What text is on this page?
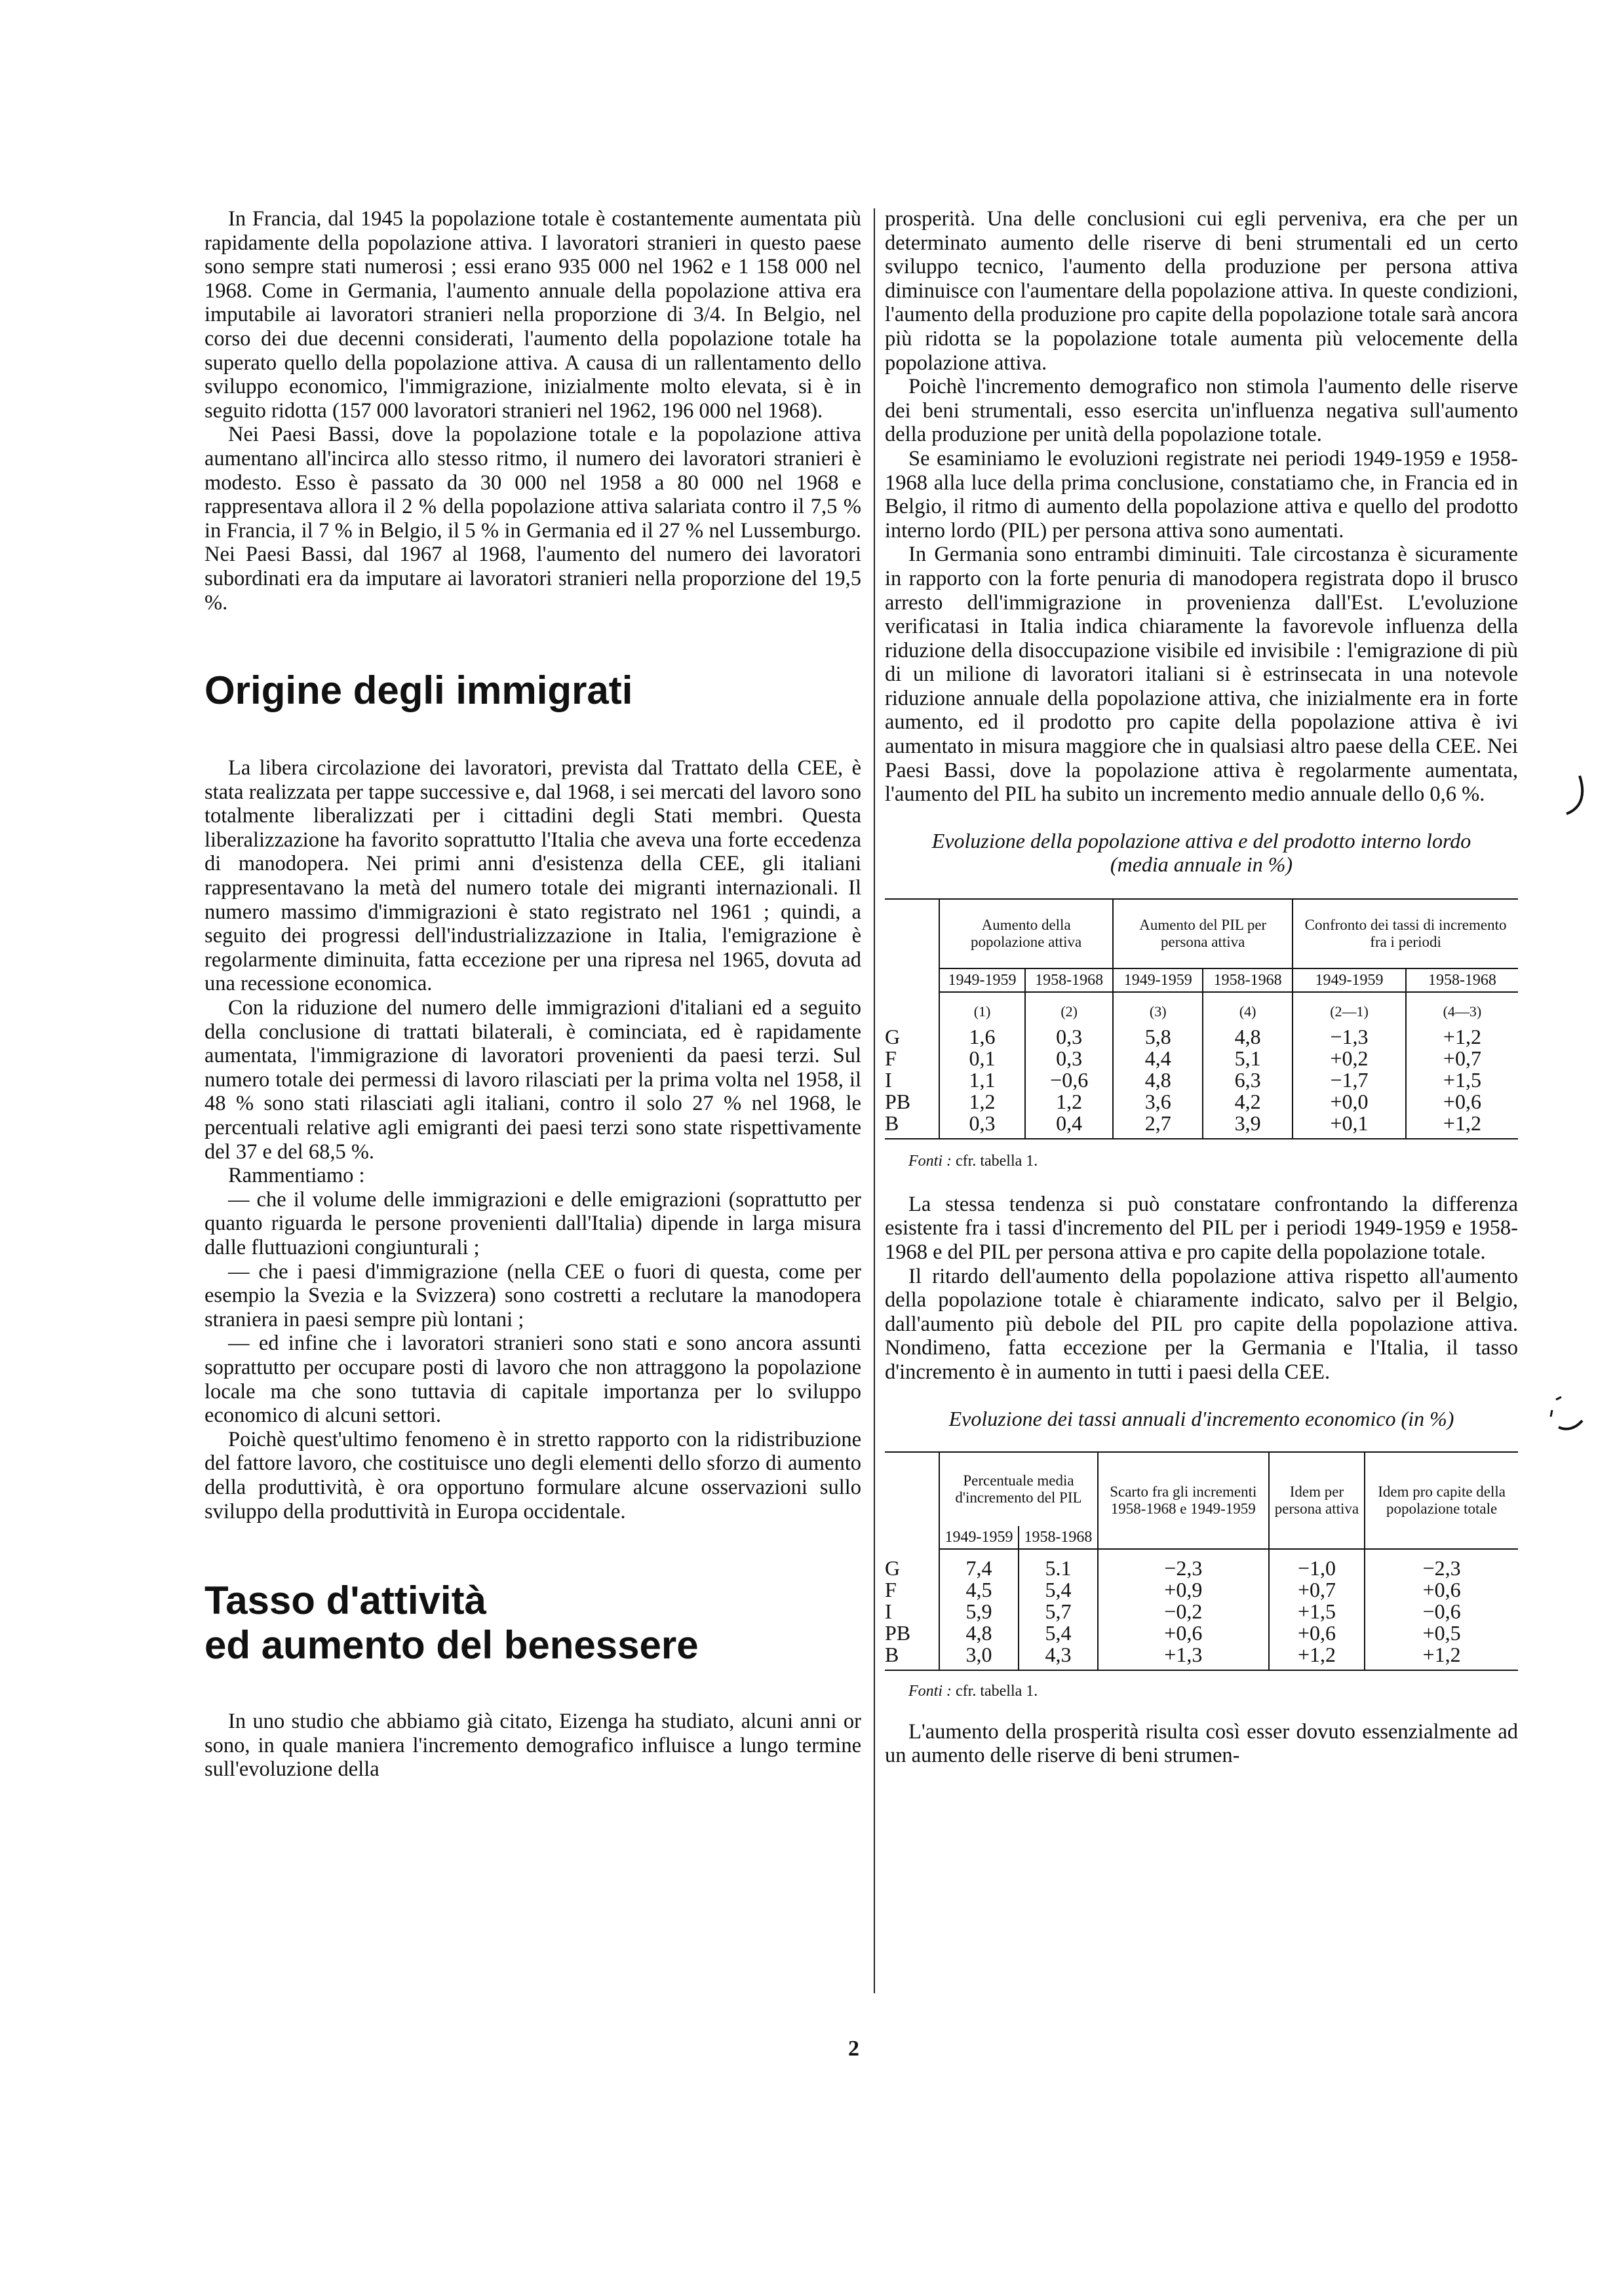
In Francia, dal 1945 la popolazione totale è costantemente aumentata più rapidamente della popolazione attiva. I lavoratori stranieri in questo paese sono sempre stati numerosi ; essi erano 935 000 nel 1962 e 1 158 000 nel 1968. Come in Germania, l'aumento annuale della popolazione attiva era imputabile ai lavoratori stranieri nella proporzione di 3/4. In Belgio, nel corso dei due decenni considerati, l'aumento della popolazione totale ha superato quello della popolazione attiva. A causa di un rallentamento dello sviluppo economico, l'immigrazione, inizialmente molto elevata, si è in seguito ridotta (157 000 lavoratori stranieri nel 1962, 196 000 nel 1968).

Nei Paesi Bassi, dove la popolazione totale e la popolazione attiva aumentano all'incirca allo stesso ritmo, il numero dei lavoratori stranieri è modesto. Esso è passato da 30 000 nel 1958 a 80 000 nel 1968 e rappresentava allora il 2 % della popolazione attiva salariata contro il 7,5 % in Francia, il 7 % in Belgio, il 5 % in Germania ed il 27 % nel Lussemburgo. Nei Paesi Bassi, dal 1967 al 1968, l'aumento del numero dei lavoratori subordinati era da imputare ai lavoratori stranieri nella proporzione del 19,5 %.

Origine degli immigrati

La libera circolazione dei lavoratori, prevista dal Trattato della CEE, è stata realizzata per tappe successive e, dal 1968, i sei mercati del lavoro sono totalmente liberalizzati per i cittadini degli Stati membri. Questa liberalizzazione ha favorito soprattutto l'Italia che aveva una forte eccedenza di manodopera. Nei primi anni d'esistenza della CEE, gli italiani rappresentavano la metà del numero totale dei migranti internazionali. Il numero massimo d'immigrazioni è stato registrato nel 1961 ; quindi, a seguito dei progressi dell'industrializzazione in Italia, l'emigrazione è regolarmente diminuita, fatta eccezione per una ripresa nel 1965, dovuta ad una recessione economica.

Con la riduzione del numero delle immigrazioni d'italiani ed a seguito della conclusione di trattati bilaterali, è cominciata, ed è rapidamente aumentata, l'immigrazione di lavoratori provenienti da paesi terzi. Sul numero totale dei permessi di lavoro rilasciati per la prima volta nel 1958, il 48 % sono stati rilasciati agli italiani, contro il solo 27 % nel 1968, le percentuali relative agli emigranti dei paesi terzi sono state rispettivamente del 37 e del 68,5 %.

Rammentiamo :

— che il volume delle immigrazioni e delle emigrazioni (soprattutto per quanto riguarda le persone provenienti dall'Italia) dipende in larga misura dalle fluttuazioni congiunturali ;

— che i paesi d'immigrazione (nella CEE o fuori di questa, come per esempio la Svezia e la Svizzera) sono costretti a reclutare la manodopera straniera in paesi sempre più lontani ;

— ed infine che i lavoratori stranieri sono stati e sono ancora assunti soprattutto per occupare posti di lavoro che non attraggono la popolazione locale ma che sono tuttavia di capitale importanza per lo sviluppo economico di alcuni settori.

Poichè quest'ultimo fenomeno è in stretto rapporto con la ridistribuzione del fattore lavoro, che costituisce uno degli elementi dello sforzo di aumento della produttività, è ora opportuno formulare alcune osservazioni sullo sviluppo della produttività in Europa occidentale.

Tasso d'attività
ed aumento del benessere

In uno studio che abbiamo già citato, Eizenga ha studiato, alcuni anni or sono, in quale maniera l'incremento demografico influisce a lungo termine sull'evoluzione della

prosperità. Una delle conclusioni cui egli perveniva, era che per un determinato aumento delle riserve di beni strumentali ed un certo sviluppo tecnico, l'aumento della produzione per persona attiva diminuisce con l'aumentare della popolazione attiva. In queste condizioni, l'aumento della produzione pro capite della popolazione totale sarà ancora più ridotta se la popolazione totale aumenta più velocemente della popolazione attiva.

Poichè l'incremento demografico non stimola l'aumento delle riserve dei beni strumentali, esso esercita un'influenza negativa sull'aumento della produzione per unità della popolazione totale.

Se esaminiamo le evoluzioni registrate nei periodi 1949-1959 e 1958-1968 alla luce della prima conclusione, constatiamo che, in Francia ed in Belgio, il ritmo di aumento della popolazione attiva e quello del prodotto interno lordo (PIL) per persona attiva sono aumentati.

In Germania sono entrambi diminuiti. Tale circostanza è sicuramente in rapporto con la forte penuria di manodopera registrata dopo il brusco arresto dell'immigrazione in provenienza dall'Est. L'evoluzione verificatasi in Italia indica chiaramente la favorevole influenza della riduzione della disoccupazione visibile ed invisibile : l'emigrazione di più di un milione di lavoratori italiani si è estrinsecata in una notevole riduzione annuale della popolazione attiva, che inizialmente era in forte aumento, ed il prodotto pro capite della popolazione attiva è ivi aumentato in misura maggiore che in qualsiasi altro paese della CEE. Nei Paesi Bassi, dove la popolazione attiva è regolarmente aumentata, l'aumento del PIL ha subito un incremento medio annuale dello 0,6 %.

Evoluzione della popolazione attiva e del prodotto interno lordo (media annuale in %)

	Aumento della popolazione attiva		Aumento del PIL per persona attiva		Confronto dei tassi di incremento fra i periodi	
	1949-1959	1958-1968	1949-1959	1958-1968	1949-1959	1958-1968
	(1)	(2)	(3)	(4)	(2—1)	(4—3)
G	1,6	0,3	5,8	4,8	−1,3	+1,2
F	0,1	0,3	4,4	5,1	+0,2	+0,7
I	1,1	−0,6	4,8	6,3	−1,7	+1,5
PB	1,2	1,2	3,6	4,2	+0,0	+0,6
B	0,3	0,4	2,7	3,9	+0,1	+1,2

Fonti : cfr. tabella 1.

La stessa tendenza si può constatare confrontando la differenza esistente fra i tassi d'incremento del PIL per i periodi 1949-1959 e 1958-1968 e del PIL per persona attiva e pro capite della popolazione totale.

Il ritardo dell'aumento della popolazione attiva rispetto all'aumento della popolazione totale è chiaramente indicato, salvo per il Belgio, dall'aumento più debole del PIL pro capite della popolazione attiva. Nondimeno, fatta eccezione per la Germania e l'Italia, il tasso d'incremento è in aumento in tutti i paesi della CEE.

Evoluzione dei tassi annuali d'incremento economico (in %)

	Percentuale media d'incremento del PIL		Scarto fra gli incrementi 1958-1968 e 1949-1959	Idem per persona attiva	Idem pro capite della popolazione totale
	1949-1959	1958-1968			

G	7,4	5.1	−2,3	−1,0	−2,3
F	4,5	5,4	+0,9	+0,7	+0,6
I	5,9	5,7	−0,2	+1,5	−0,6
PB	4,8	5,4	+0,6	+0,6	+0,5
B	3,0	4,3	+1,3	+1,2	+1,2

Fonti : cfr. tabella 1.

L'aumento della prosperità risulta così esser dovuto essenzialmente ad un aumento delle riserve di beni strumen-

2
